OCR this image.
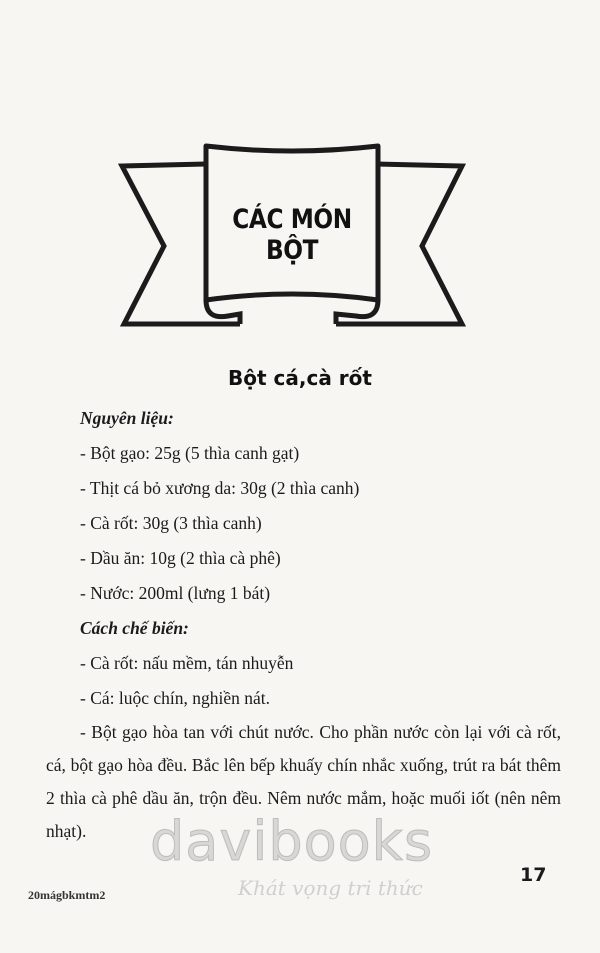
CÁC MÓN BỘT
Bột cá,cà rốt
Nguyên liệu:
- Bột gạo: 25g (5 thìa canh gạt)
- Thịt cá bỏ xương da: 30g (2 thìa canh)
- Cà rốt: 30g (3 thìa canh)
- Dầu ăn: 10g (2 thìa cà phê)
- Nước: 200ml (lưng 1 bát)
Cách chế biến:
- Cà rốt: nấu mềm, tán nhuyễn
- Cá: luộc chín, nghiền nát.
- Bột gạo hòa tan với chút nước. Cho phần nước còn lại với cà rốt, cá, bột gạo hòa đều. Bắc lên bếp khuấy chín nhắc xuống, trút ra bát thêm 2 thìa cà phê dầu ăn, trộn đều. Nêm nước mắm, hoặc muối iốt (nên nêm nhạt).	davibooks
Khát vọng tri thức
17
20mágbkmtm2
